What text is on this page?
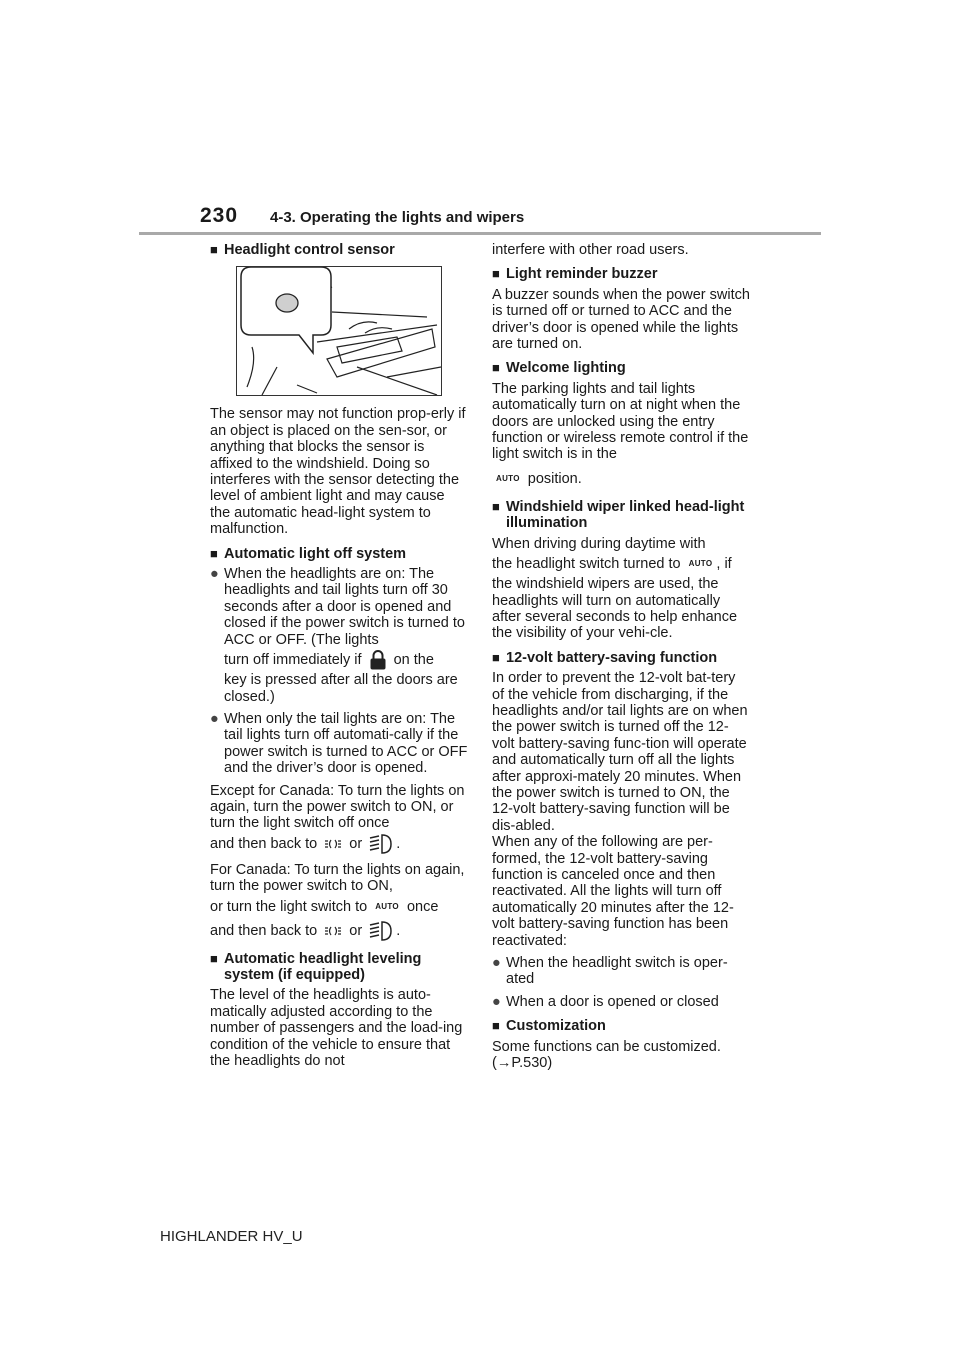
230	4-3. Operating the lights and wipers
■ Headlight control sensor
The sensor may not function prop-erly if an object is placed on the sen-sor, or anything that blocks the sensor is affixed to the windshield. Doing so interferes with the sensor detecting the level of ambient light and may cause the automatic head-light system to malfunction.
■ Automatic light off system
● When the headlights are on: The headlights and tail lights turn off 30 seconds after a door is opened and closed if the power switch is turned to ACC or OFF. (The lights
turn off immediately if on the
key is pressed after all the doors are closed.)
● When only the tail lights are on: The tail lights turn off automati-cally if the power switch is turned to ACC or OFF and the driver’s door is opened.
Except for Canada: To turn the lights on again, turn the power switch to ON, or turn the light switch off once
and then back to or .
For Canada: To turn the lights on again, turn the power switch to ON,
or turn the light switch to AUTO once
and then back to or .
■ Automatic headlight leveling system (if equipped)
The level of the headlights is auto-matically adjusted according to the number of passengers and the load-ing condition of the vehicle to ensure that the headlights do not
interfere with other road users.
■ Light reminder buzzer
A buzzer sounds when the power switch is turned off or turned to ACC and the driver’s door is opened while the lights are turned on.
■ Welcome lighting
The parking lights and tail lights automatically turn on at night when the doors are unlocked using the entry function or wireless remote control if the light switch is in the
AUTO position.
■ Windshield wiper linked head-light illumination
When driving during daytime with
the headlight switch turned to AUTO , if
the windshield wipers are used, the headlights will turn on automatically after several seconds to help enhance the visibility of your vehi-cle.
■ 12-volt battery-saving function
In order to prevent the 12-volt bat-tery of the vehicle from discharging, if the headlights and/or tail lights are on when the power switch is turned off the 12-volt battery-saving func-tion will operate and automatically turn off all the lights after approxi-mately 20 minutes. When the power switch is turned to ON, the 12-volt battery-saving function will be dis-abled.
When any of the following are per-formed, the 12-volt battery-saving function is canceled once and then reactivated. All the lights will turn off automatically 20 minutes after the 12-volt battery-saving function has been reactivated:
● When the headlight switch is oper-ated
● When a door is opened or closed
■ Customization
Some functions can be customized.
(→P.530)
HIGHLANDER HV_U
